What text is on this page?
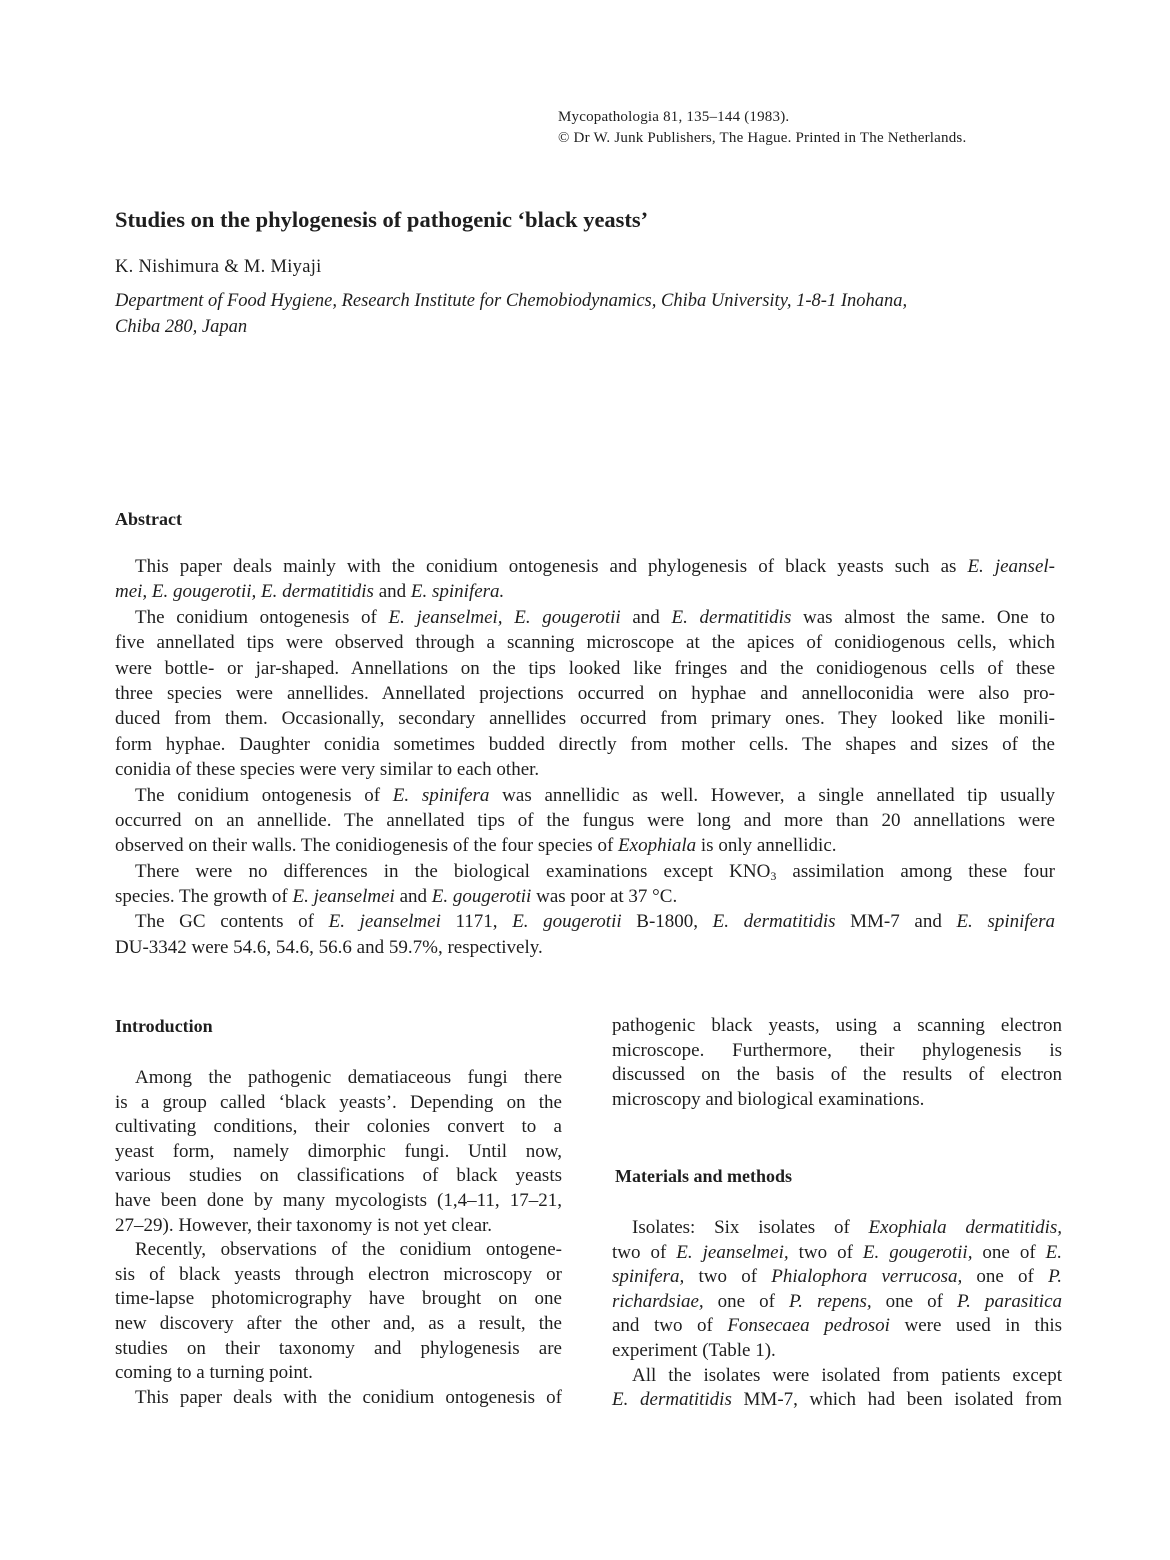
Mycopathologia 81, 135–144 (1983).
© Dr W. Junk Publishers, The Hague. Printed in The Netherlands.
Studies on the phylogenesis of pathogenic ‘black yeasts’
K. Nishimura & M. Miyaji
Department of Food Hygiene, Research Institute for Chemobiodynamics, Chiba University, 1-8-1 Inohana,
Chiba 280, Japan
Abstract
This paper deals mainly with the conidium ontogenesis and phylogenesis of black yeasts such as E. jeansel-
mei, E. gougerotii, E. dermatitidis and E. spinifera.
The conidium ontogenesis of E. jeanselmei, E. gougerotii and E. dermatitidis was almost the same. One to
five annellated tips were observed through a scanning microscope at the apices of conidiogenous cells, which
were bottle- or jar-shaped. Annellations on the tips looked like fringes and the conidiogenous cells of these
three species were annellides. Annellated projections occurred on hyphae and annelloconidia were also pro-
duced from them. Occasionally, secondary annellides occurred from primary ones. They looked like monili-
form hyphae. Daughter conidia sometimes budded directly from mother cells. The shapes and sizes of the
conidia of these species were very similar to each other.
The conidium ontogenesis of E. spinifera was annellidic as well. However, a single annellated tip usually
occurred on an annellide. The annellated tips of the fungus were long and more than 20 annellations were
observed on their walls. The conidiogenesis of the four species of Exophiala is only annellidic.
There were no differences in the biological examinations except $KNO_3$ assimilation among these four
species. The growth of E. jeanselmei and E. gougerotii was poor at 37 °C.
The GC contents of E. jeanselmei 1171, E. gougerotii B-1800, E. dermatitidis MM-7 and E. spinifera
DU-3342 were 54.6, 54.6, 56.6 and 59.7%, respectively.
Introduction
Among the pathogenic dematiaceous fungi there
is a group called ‘black yeasts’. Depending on the
cultivating conditions, their colonies convert to a
yeast form, namely dimorphic fungi. Until now,
various studies on classifications of black yeasts
have been done by many mycologists (1,4–11, 17–21,
27–29). However, their taxonomy is not yet clear.
Recently, observations of the conidium ontogene-
sis of black yeasts through electron microscopy or
time-lapse photomicrography have brought on one
new discovery after the other and, as a result, the
studies on their taxonomy and phylogenesis are
coming to a turning point.
This paper deals with the conidium ontogenesis of
pathogenic black yeasts, using a scanning electron
microscope. Furthermore, their phylogenesis is
discussed on the basis of the results of electron
microscopy and biological examinations.
Materials and methods
Isolates: Six isolates of Exophiala dermatitidis,
two of E. jeanselmei, two of E. gougerotii, one of E.
spinifera, two of Phialophora verrucosa, one of P.
richardsiae, one of P. repens, one of P. parasitica
and two of Fonsecaea pedrosoi were used in this
experiment (Table 1).
All the isolates were isolated from patients except
E. dermatitidis MM-7, which had been isolated from
